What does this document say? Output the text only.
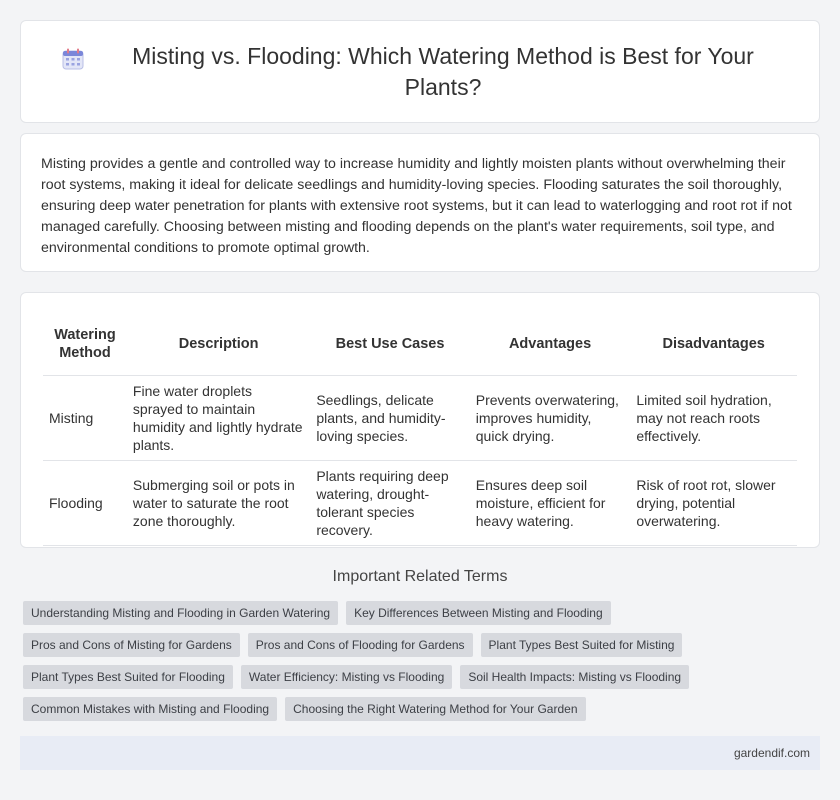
Misting vs. Flooding: Which Watering Method is Best for Your Plants?

Misting provides a gentle and controlled way to increase humidity and lightly moisten plants without overwhelming their root systems, making it ideal for delicate seedlings and humidity-loving species. Flooding saturates the soil thoroughly, ensuring deep water penetration for plants with extensive root systems, but it can lead to waterlogging and root rot if not managed carefully. Choosing between misting and flooding depends on the plant's water requirements, soil type, and environmental conditions to promote optimal growth.

Watering Method	Description	Best Use Cases	Advantages	Disadvantages
Misting	Fine water droplets sprayed to maintain humidity and lightly hydrate plants.	Seedlings, delicate plants, and humidity-loving species.	Prevents overwatering, improves humidity, quick drying.	Limited soil hydration, may not reach roots effectively.
Flooding	Submerging soil or pots in water to saturate the root zone thoroughly.	Plants requiring deep watering, drought-tolerant species recovery.	Ensures deep soil moisture, efficient for heavy watering.	Risk of root rot, slower drying, potential overwatering.
Important Related Terms
Understanding Misting and Flooding in Garden Watering	Key Differences Between Misting and Flooding
Pros and Cons of Misting for Gardens	Pros and Cons of Flooding for Gardens	Plant Types Best Suited for Misting
Plant Types Best Suited for Flooding	Water Efficiency: Misting vs Flooding	Soil Health Impacts: Misting vs Flooding
Common Mistakes with Misting and Flooding	Choosing the Right Watering Method for Your Garden
gardendif.com
